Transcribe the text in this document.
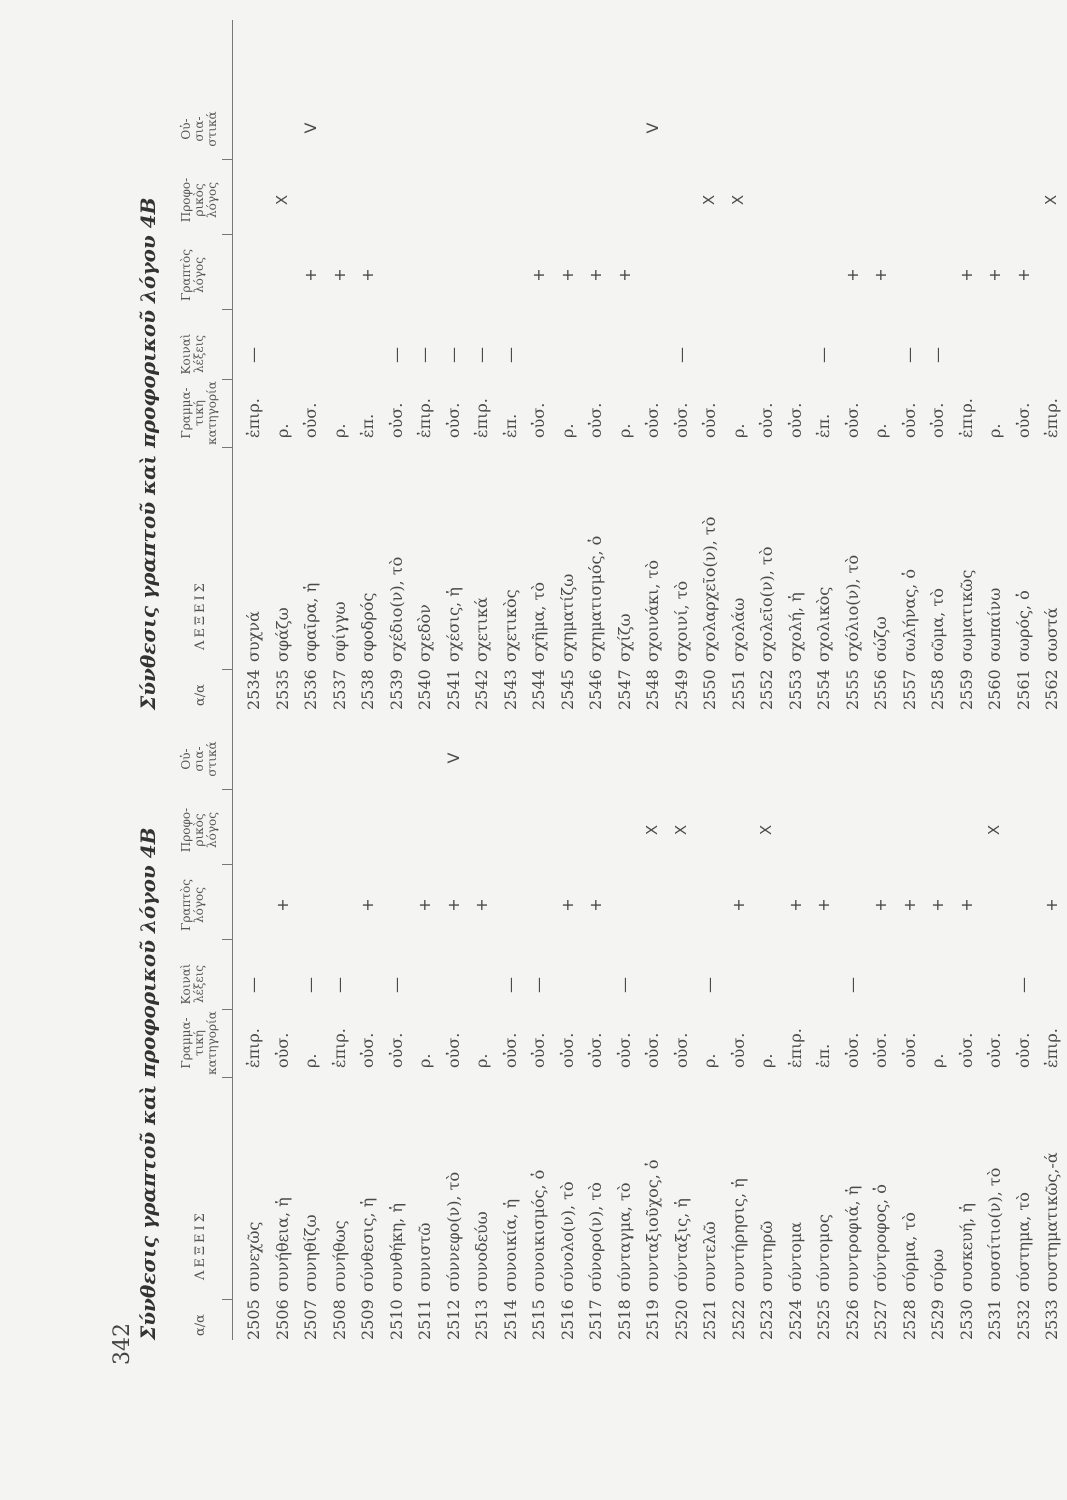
342
Σύνθεσις γραπτοῦ καὶ προφορικοῦ λόγου 4Β	α/α
ΛΕΞΕΙΣ
Γραμμα- τική κατηγορία
Κοιναὶ λέξεις
Γραπτὸς λόγος
Προφο- ρικὸς λόγος
Οὐ- σια- στικά
2505
συνεχῶς
ἐπιρ.
—
2506
συνήθεια, ἡ
οὐσ.
+
2507
συνηθίζω
ρ.
—
2508
συνήθως
ἐπιρ.
—
2509
σύνθεσις, ἡ
οὐσ.
+
2510
συνθήκη, ἡ
οὐσ.
—
2511
συνιστῶ
ρ.
+
2512
σύννεφο(ν), τὸ
οὐσ.
+
V
2513
συνοδεύω
ρ.
+
2514
συνοικία, ἡ
οὐσ.
—
2515
συνοικισμός, ὁ
οὐσ.
—
2516
σύνολο(ν), τὸ
οὐσ.
+
2517
σύνορο(ν), τὸ
οὐσ.
+
2518
σύνταγμα, τὸ
οὐσ.
—
2519
συνταξιοῦχος, ὁ
οὐσ.
X
2520
σύνταξις, ἡ
οὐσ.
X
2521
συντελῶ
ρ.
—
2522
συντήρησις, ἡ
οὐσ.
+
2523
συντηρῶ
ρ.
X
2524
σύντομα
ἐπιρ.
+
2525
σύντομος
ἐπ.
+
2526
συντροφιά, ἡ
οὐσ.
—
2527
σύντροφος, ὁ
οὐσ.
+
2528
σύρμα, τὸ
οὐσ.
+
2529
σύρω
ρ.
+
2530
συσκευή, ἡ
οὐσ.
+
2531
συσσίτιο(ν), τὸ
οὐσ.
X
2532
σύστημα, τὸ
οὐσ.
—
2533
συστηματικῶς,-ά
ἐπιρ.
+
Σύνθεσις γραπτοῦ καὶ προφορικοῦ λόγου 4Β	α/α
ΛΕΞΕΙΣ
Γραμμα- τική κατηγορία
Κοιναὶ λέξεις
Γραπτὸς λόγος
Προφο- ρικὸς λόγος
Οὐ- σια- στικά
2534
συχνά
ἐπιρ.
—
2535
σφάζω
ρ.
X
2536
σφαῖρα, ἡ
οὐσ.
+
V
2537
σφίγγω
ρ.
+
2538
σφοδρός
ἐπ.
+
2539
σχέδιο(ν), τὸ
οὐσ.
—
2540
σχεδὸν
ἐπιρ.
—
2541
σχέσις, ἡ
οὐσ.
—
2542
σχετικά
ἐπιρ.
—
2543
σχετικὸς
ἐπ.
—
2544
σχῆμα, τὸ
οὐσ.
+
2545
σχηματίζω
ρ.
+
2546
σχηματισμός, ὁ
οὐσ.
+
2547
σχίζω
ρ.
+
2548
σχοινάκι, τὸ
οὐσ.
V
2549
σχοινί, τὸ
οὐσ.
—
2550
σχολαρχεῖο(ν), τὸ
οὐσ.
X
2551
σχολάω
ρ.
X
2552
σχολεῖο(ν), τὸ
οὐσ.
2553
σχολή, ἡ
οὐσ.
2554
σχολικὸς
ἐπ.
—
2555
σχόλιο(ν), τὸ
οὐσ.
+
2556
σώζω
ρ.
+
2557
σωλήνας, ὁ
οὐσ.
—
2558
σῶμα, τὸ
οὐσ.
—
2559
σωματικῶς
ἐπιρ.
+
2560
σωπαίνω
ρ.
+
2561
σωρός, ὁ
οὐσ.
+
2562
σωστά
ἐπιρ.
X
